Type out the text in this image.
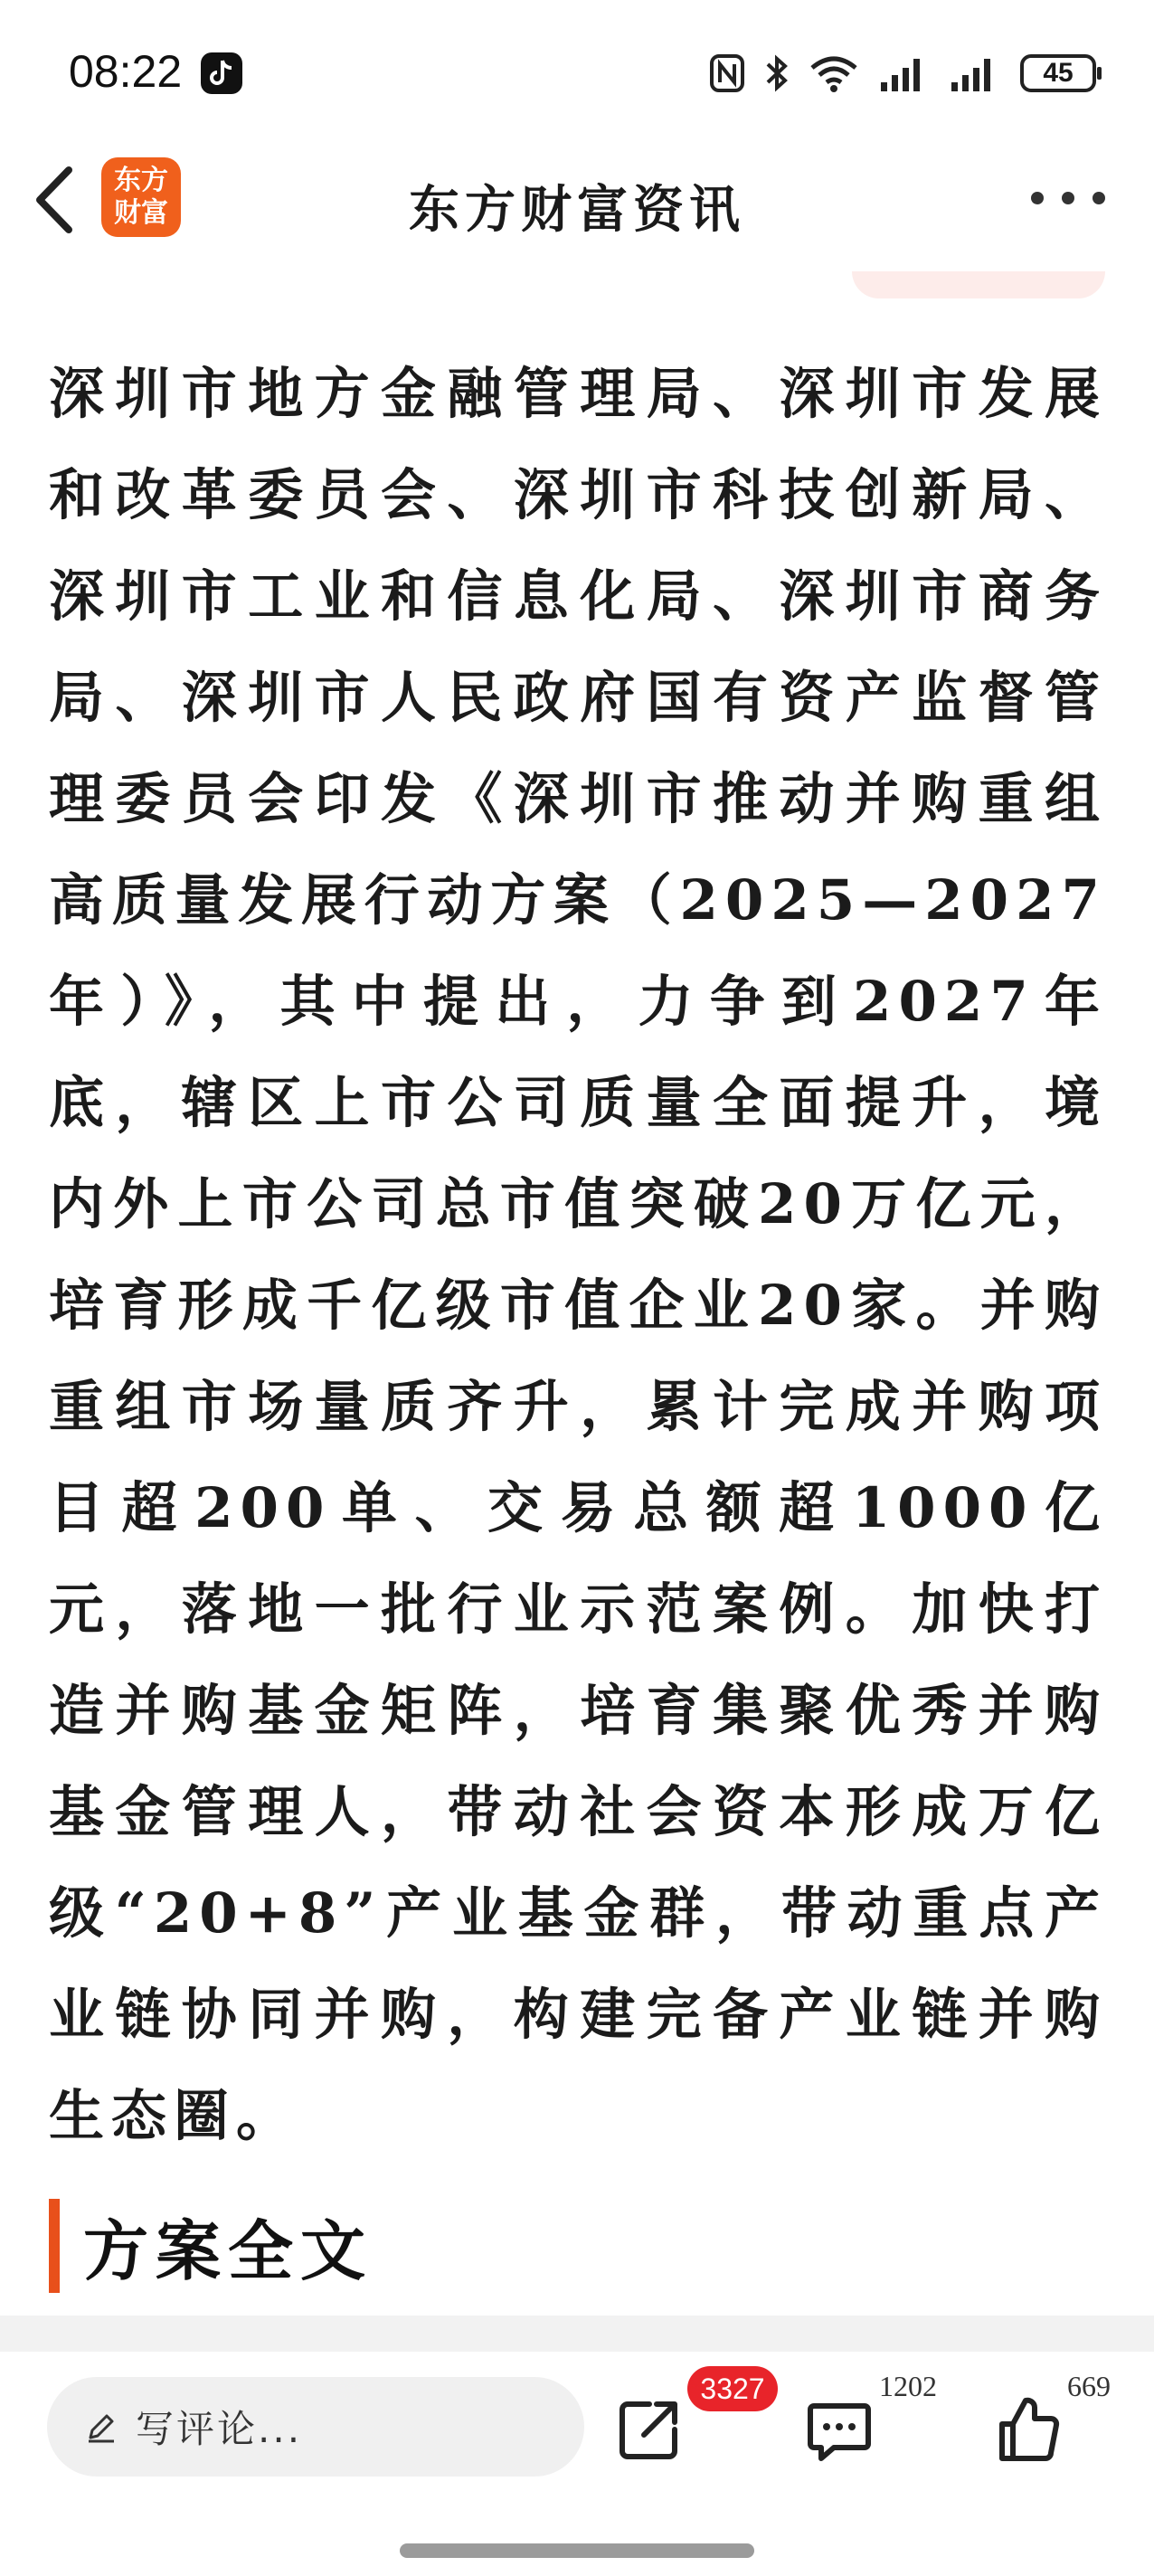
08:22	45
东方
财富	东方财富资讯

深圳市地方金融管理局、深圳市发展和改革委员会、深圳市科技创新局、深圳市工业和信息化局、深圳市商务局、深圳市人民政府国有资产监督管理委员会印发《深圳市推动并购重组高质量发展行动方案（2025—2027年）》，其中提出，力争到2027年底，辖区上市公司质量全面提升，境内外上市公司总市值突破20万亿元，培育形成千亿级市值企业20家。并购重组市场量质齐升，累计完成并购项目超200单、交易总额超1000亿元，落地一批行业示范案例。加快打造并购基金矩阵，培育集聚优秀并购基金管理人，带动社会资本形成万亿级“20+8”产业基金群，带动重点产业链协同并购，构建完备产业链并购生态圈。

方案全文
写评论...
3327	1202	669
